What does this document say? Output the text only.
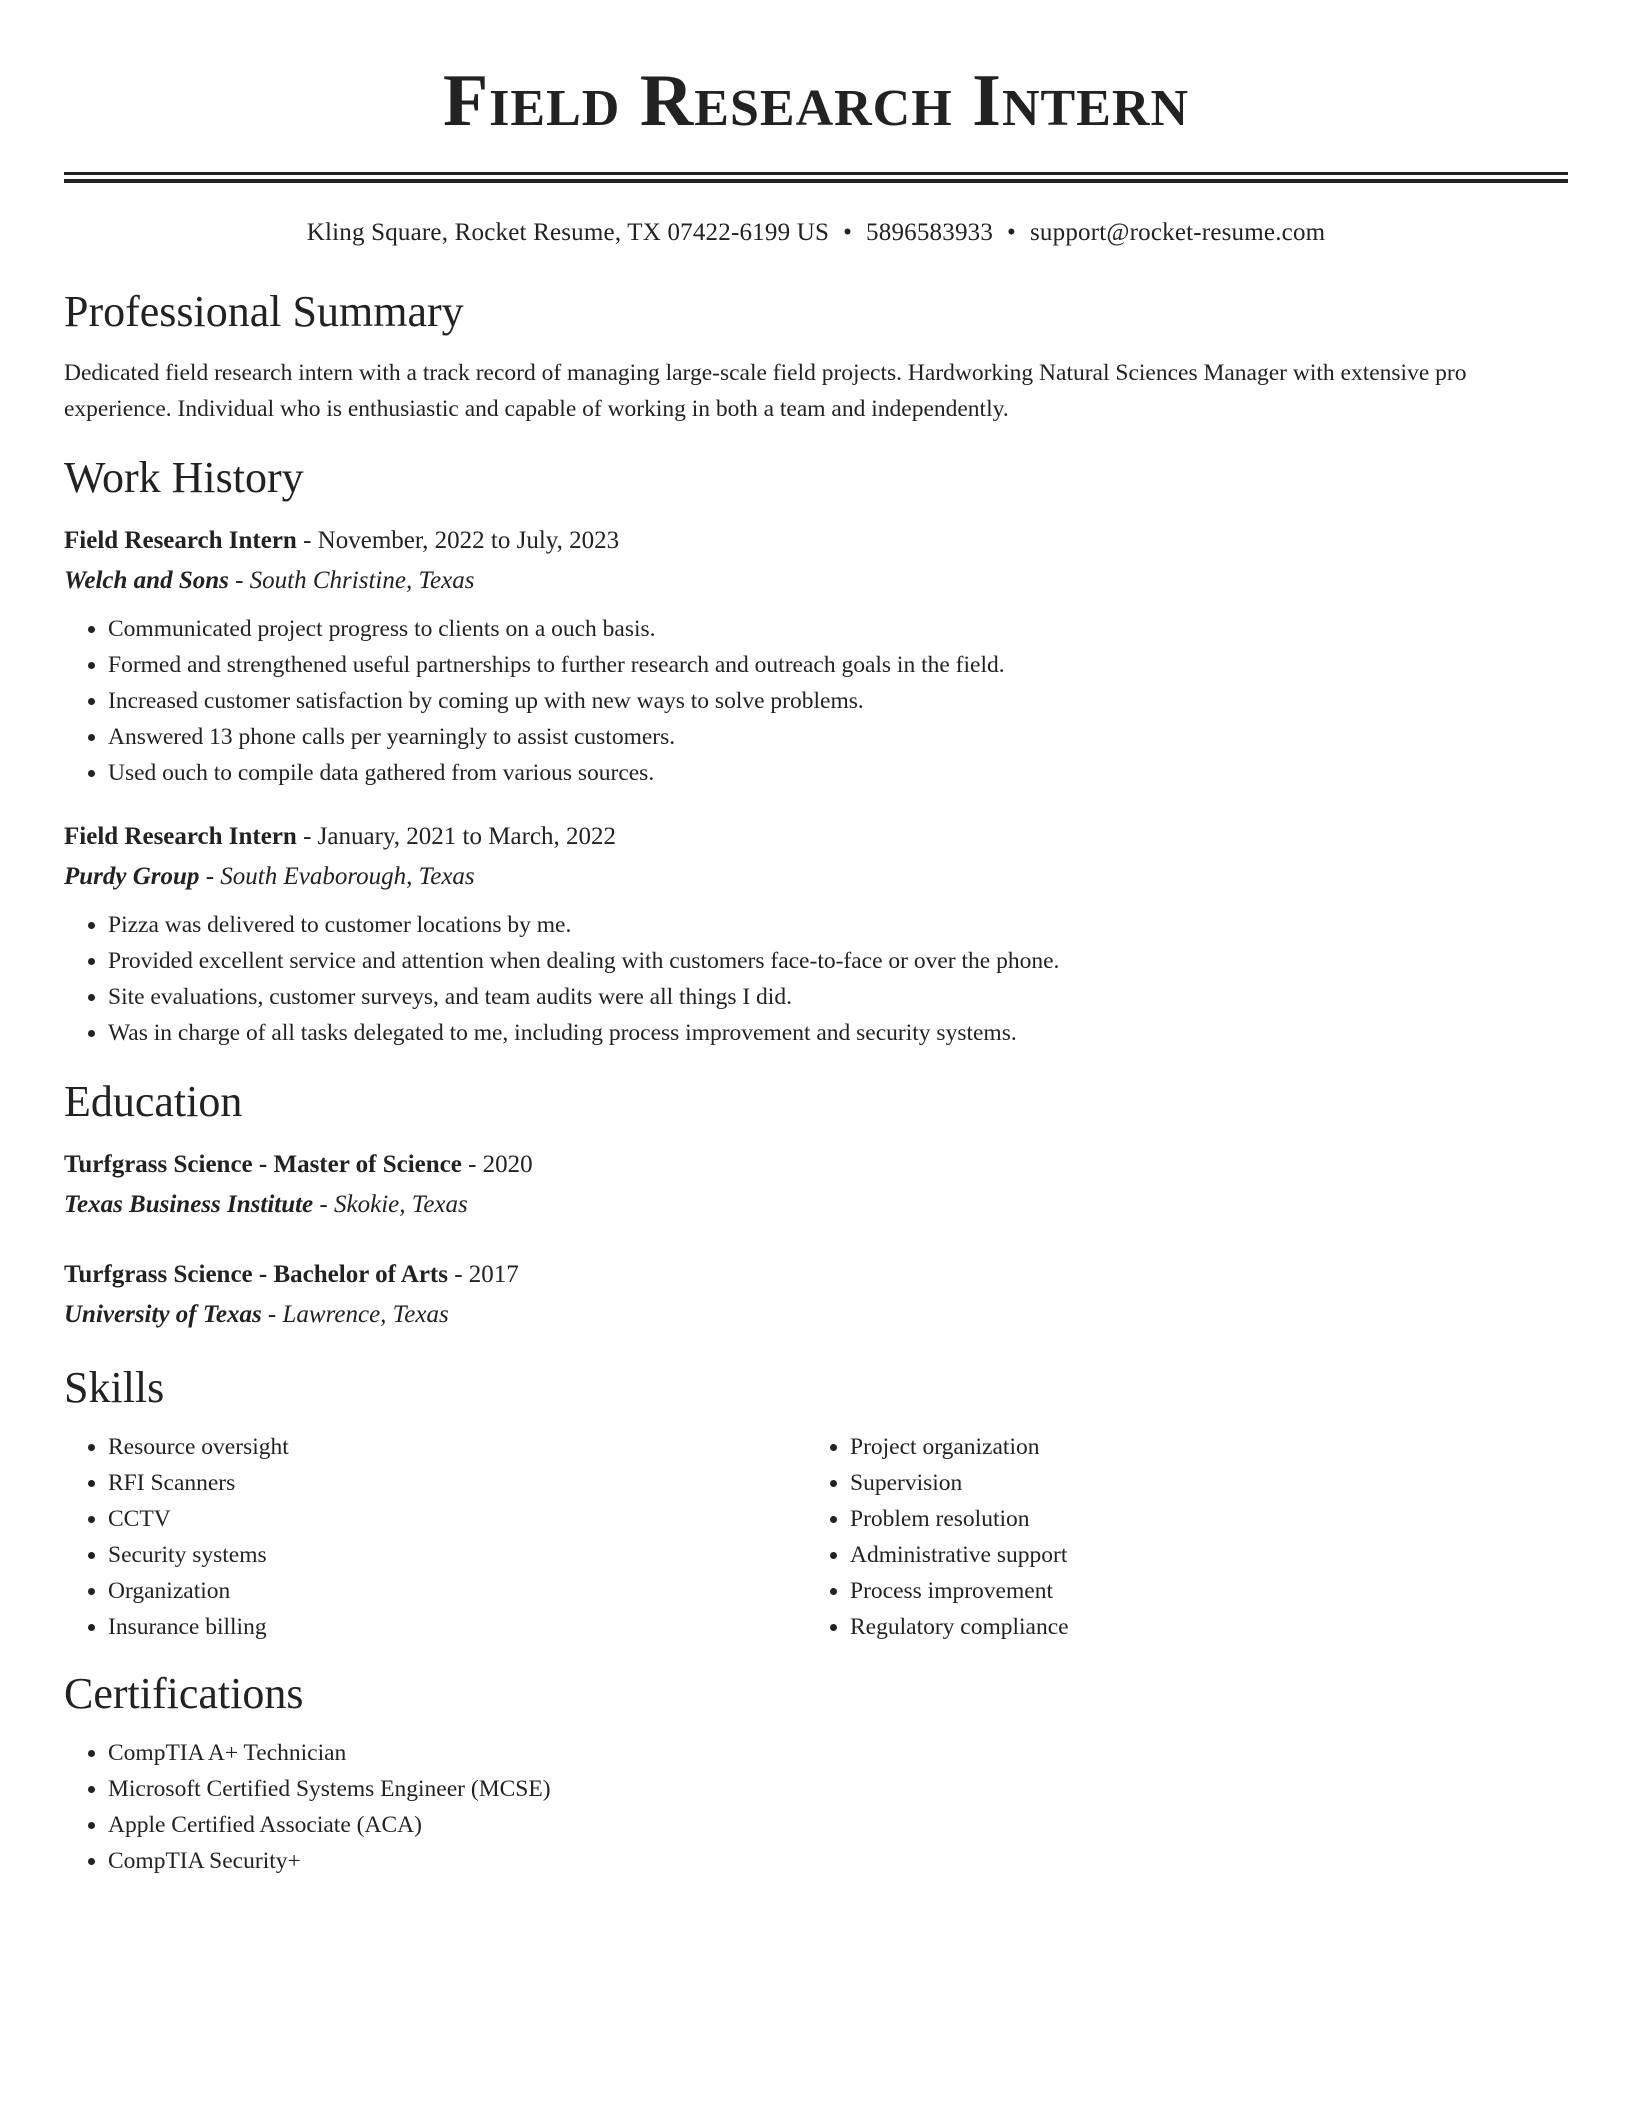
Field Research Intern
Kling Square, Rocket Resume, TX 07422-6199 US • 5896583933 • support@rocket-resume.com
Professional Summary
Dedicated field research intern with a track record of managing large-scale field projects. Hardworking Natural Sciences Manager with extensive pro
experience. Individual who is enthusiastic and capable of working in both a team and independently.
Work History
Field Research Intern - November, 2022 to July, 2023
Welch and Sons - South Christine, Texas
• Communicated project progress to clients on a ouch basis.
• Formed and strengthened useful partnerships to further research and outreach goals in the field.
• Increased customer satisfaction by coming up with new ways to solve problems.
• Answered 13 phone calls per yearningly to assist customers.
• Used ouch to compile data gathered from various sources.
Field Research Intern - January, 2021 to March, 2022
Purdy Group - South Evaborough, Texas
• Pizza was delivered to customer locations by me.
• Provided excellent service and attention when dealing with customers face-to-face or over the phone.
• Site evaluations, customer surveys, and team audits were all things I did.
• Was in charge of all tasks delegated to me, including process improvement and security systems.
Education
Turfgrass Science - Master of Science - 2020
Texas Business Institute - Skokie, Texas
Turfgrass Science - Bachelor of Arts - 2017
University of Texas - Lawrence, Texas
Skills
• Resource oversight
• RFI Scanners
• CCTV
• Security systems
• Organization
• Insurance billing
• Project organization
• Supervision
• Problem resolution
• Administrative support
• Process improvement
• Regulatory compliance
Certifications
• CompTIA A+ Technician
• Microsoft Certified Systems Engineer (MCSE)
• Apple Certified Associate (ACA)
• CompTIA Security+
